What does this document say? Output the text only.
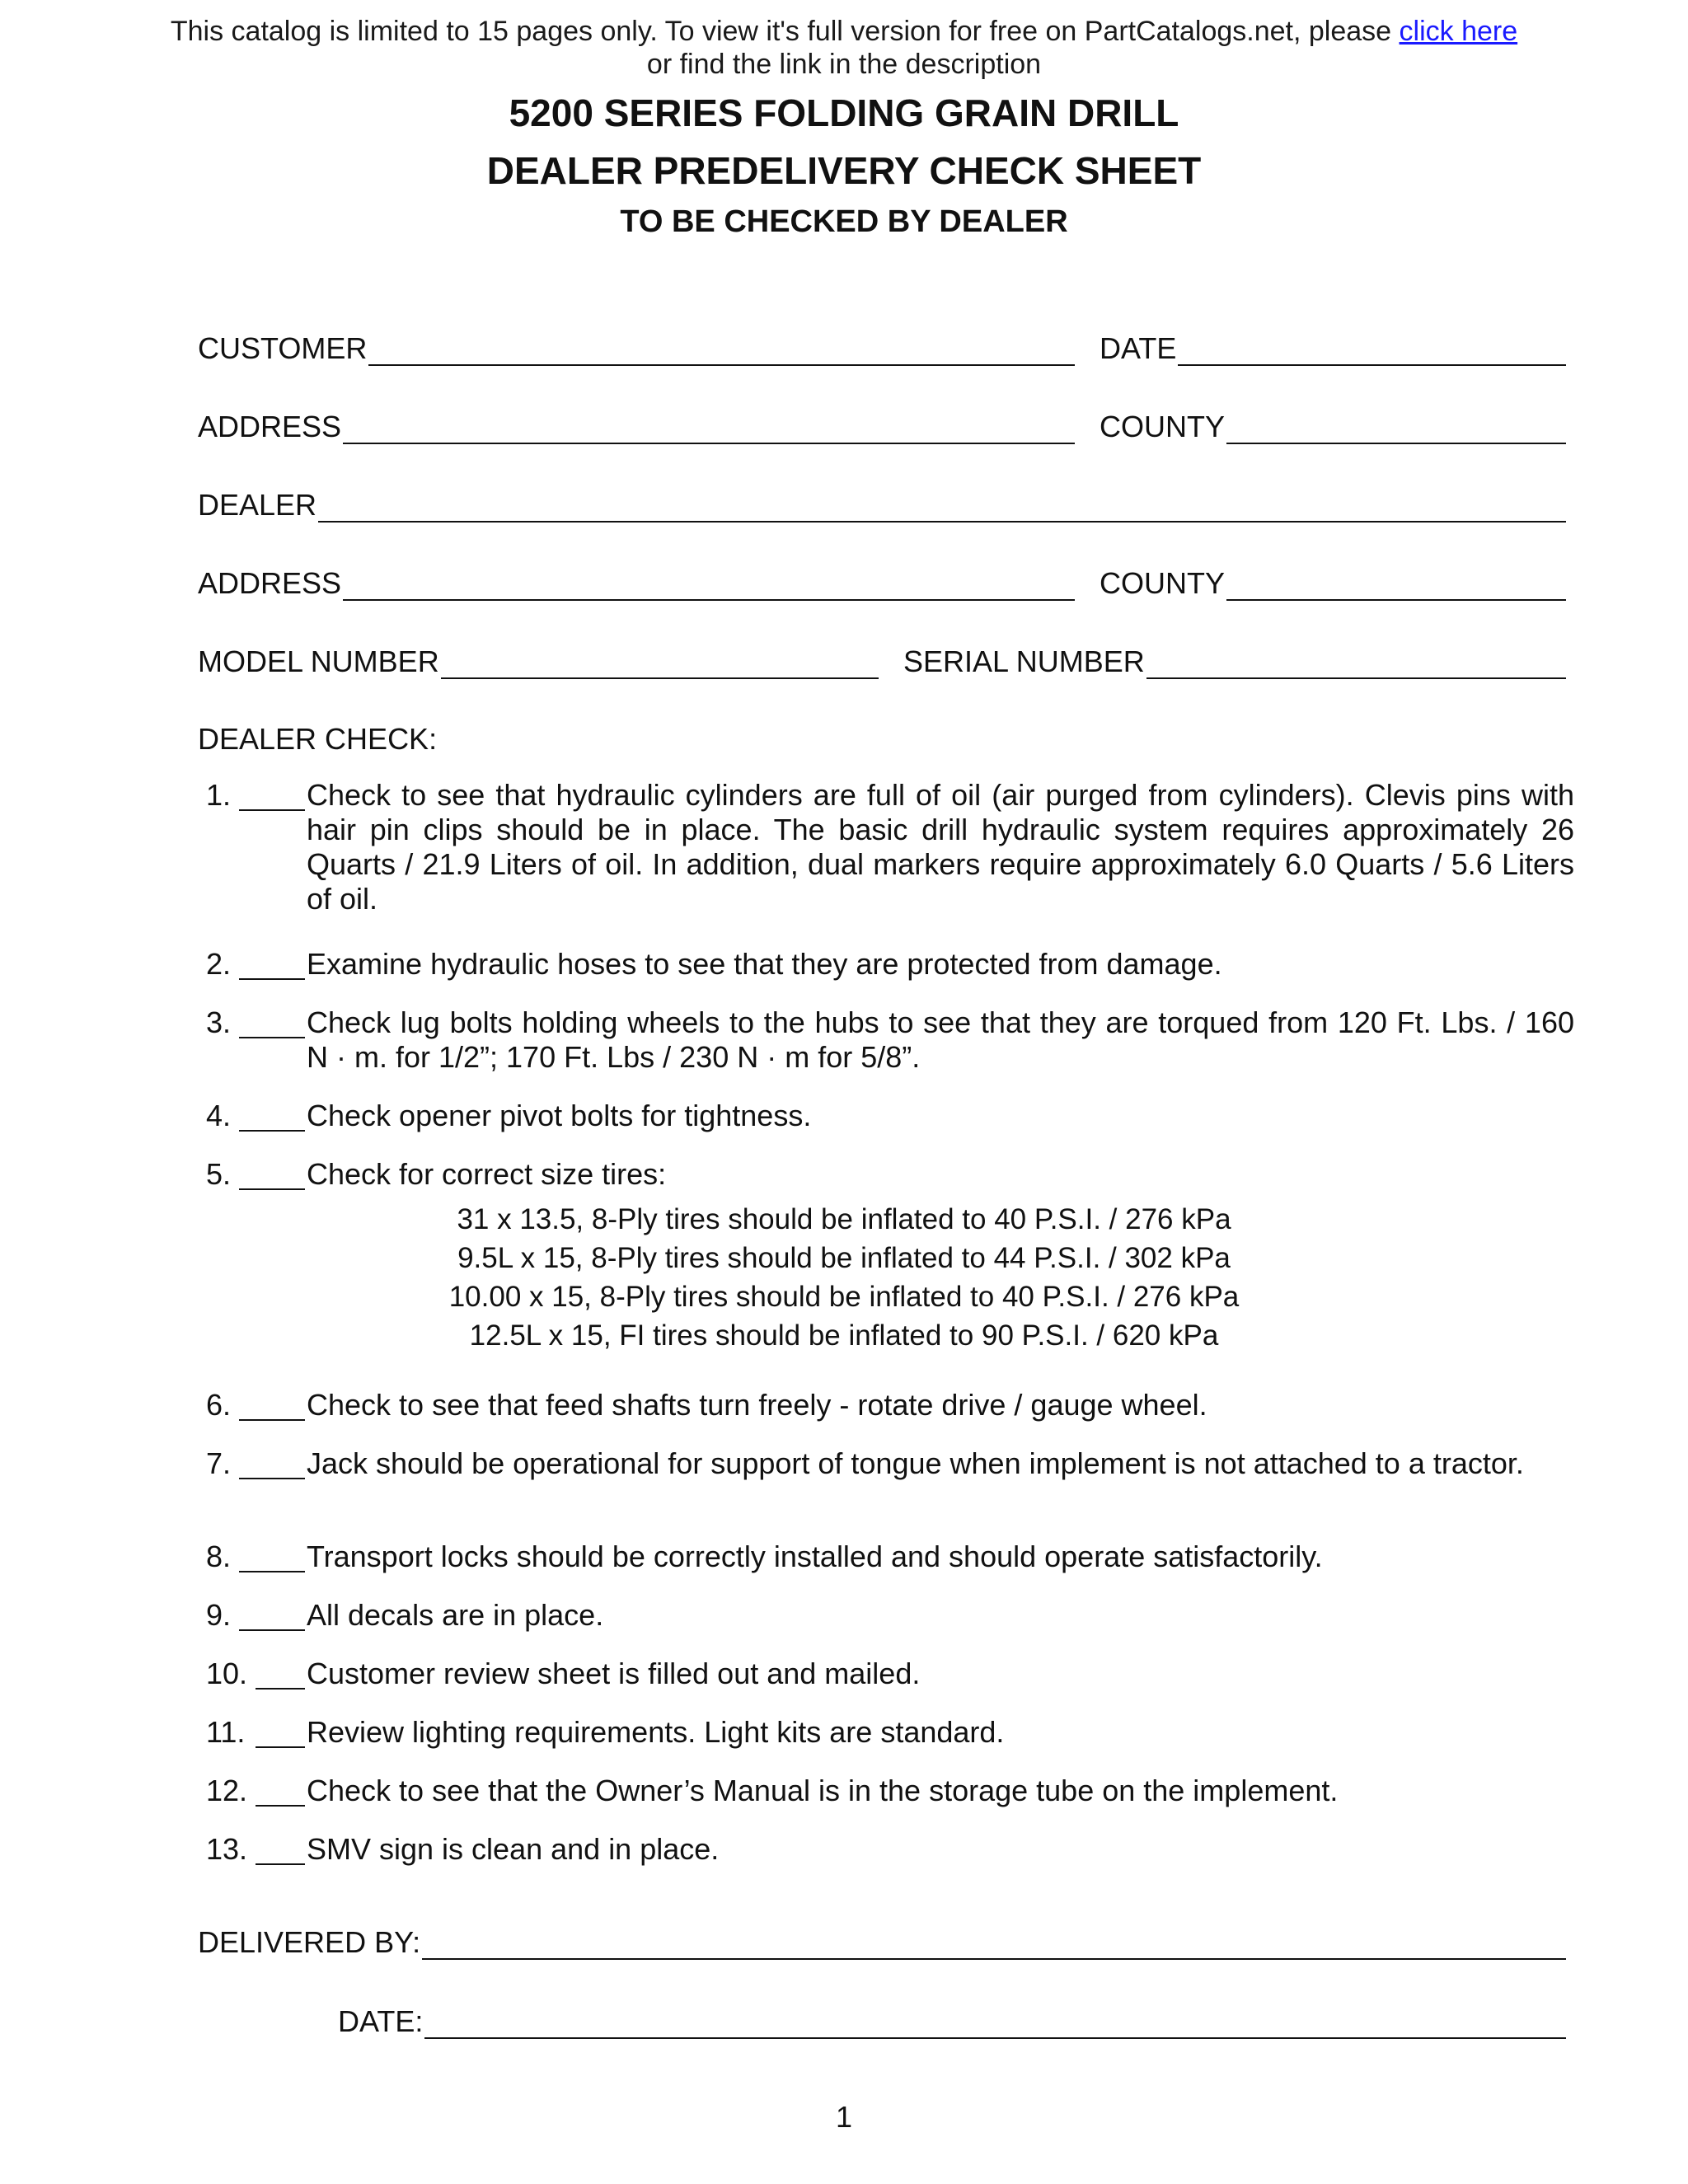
This catalog is limited to 15 pages only. To view it's full version for free on PartCatalogs.net, please click here
or find the link in the description
5200 SERIES FOLDING GRAIN DRILL
DEALER PREDELIVERY CHECK SHEET
TO BE CHECKED BY DEALER
CUSTOMER	DATE
ADDRESS	COUNTY
DEALER
ADDRESS	COUNTY
MODEL NUMBER	SERIAL NUMBER
DEALER CHECK:
1.	Check to see that hydraulic cylinders are full of oil (air purged from cylinders). Clevis pins with hair pin clips should be in place. The basic drill hydraulic system requires approximately 26 Quarts / 21.9 Liters of oil. In addition, dual markers require approximately 6.0 Quarts / 5.6 Liters of oil.
2.	Examine hydraulic hoses to see that they are protected from damage.
3.	Check lug bolts holding wheels to the hubs to see that they are torqued from 120 Ft. Lbs. / 160 N · m. for 1/2”; 170 Ft. Lbs / 230 N · m for 5/8”.
4.	Check opener pivot bolts for tightness.
5.	Check for correct size tires:
31 x 13.5, 8-Ply tires should be inflated to 40 P.S.I. / 276 kPa
9.5L x 15, 8-Ply tires should be inflated to 44 P.S.I. / 302 kPa
10.00 x 15, 8-Ply tires should be inflated to 40 P.S.I. / 276 kPa
12.5L x 15, FI tires should be inflated to 90 P.S.I. / 620 kPa
6.	Check to see that feed shafts turn freely - rotate drive / gauge wheel.
7.	Jack should be operational for support of tongue when implement is not attached to a tractor.
8.	Transport locks should be correctly installed and should operate satisfactorily.
9.	All decals are in place.
10. Customer review sheet is filled out and mailed.
11. Review lighting requirements. Light kits are standard.
12. Check to see that the Owner’s Manual is in the storage tube on the implement.
13. SMV sign is clean and in place.
DELIVERED BY:
DATE:
1
